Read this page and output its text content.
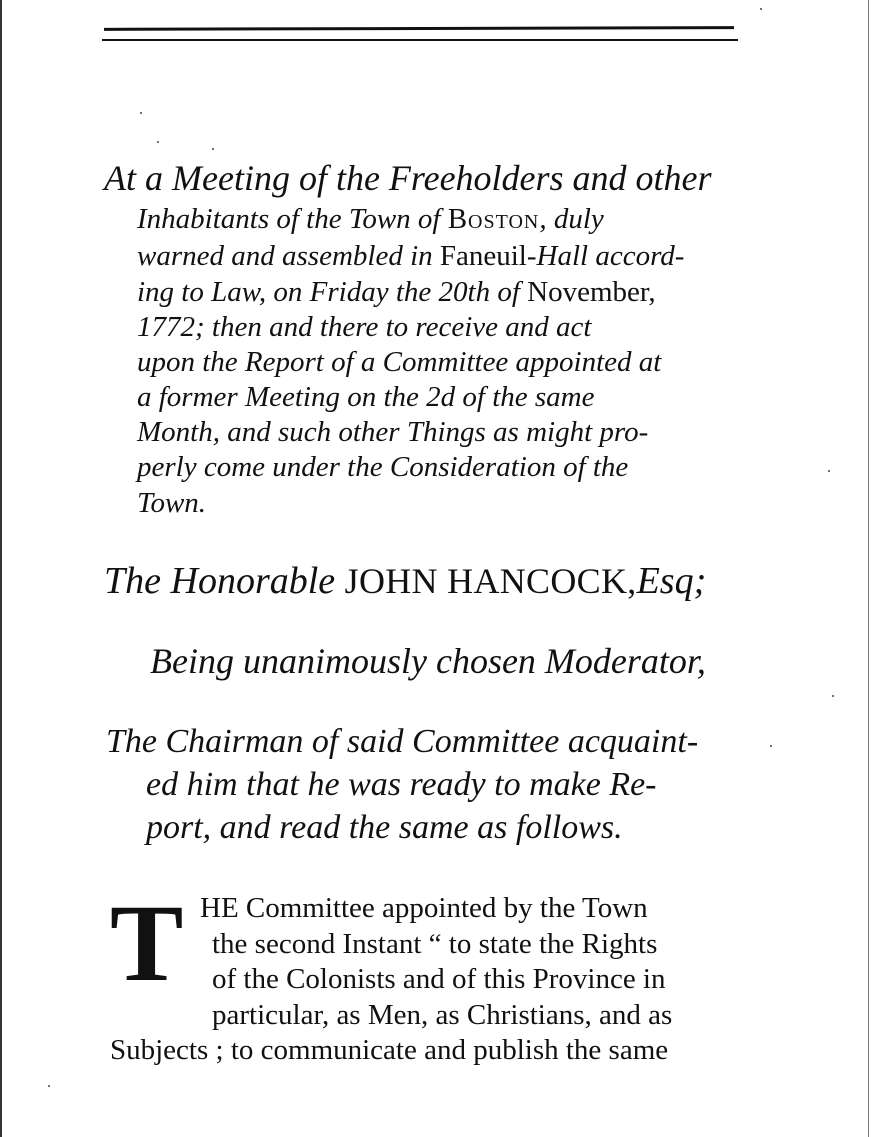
At a Meeting of the Freeholders and other
Inhabitants of the Town of Boston, duly
warned and assembled in Faneuil-Hall accord-
ing to Law, on Friday the 20th of November,
1772; then and there to receive and act
upon the Report of a Committee appointed at
a former Meeting on the 2d of the same
Month, and such other Things as might pro-
perly come under the Consideration of the
Town.
The Honorable JOHN HANCOCK,Esq;
Being unanimously chosen Moderator,
The Chairman of said Committee acquaint-
ed him that he was ready to make Re-
port, and read the same as follows.
T HE Committee appointed by the Town
the second Instant “ to state the Rights
of the Colonists and of this Province in
particular, as Men, as Christians, and as
Subjects ; to communicate and publish the same
